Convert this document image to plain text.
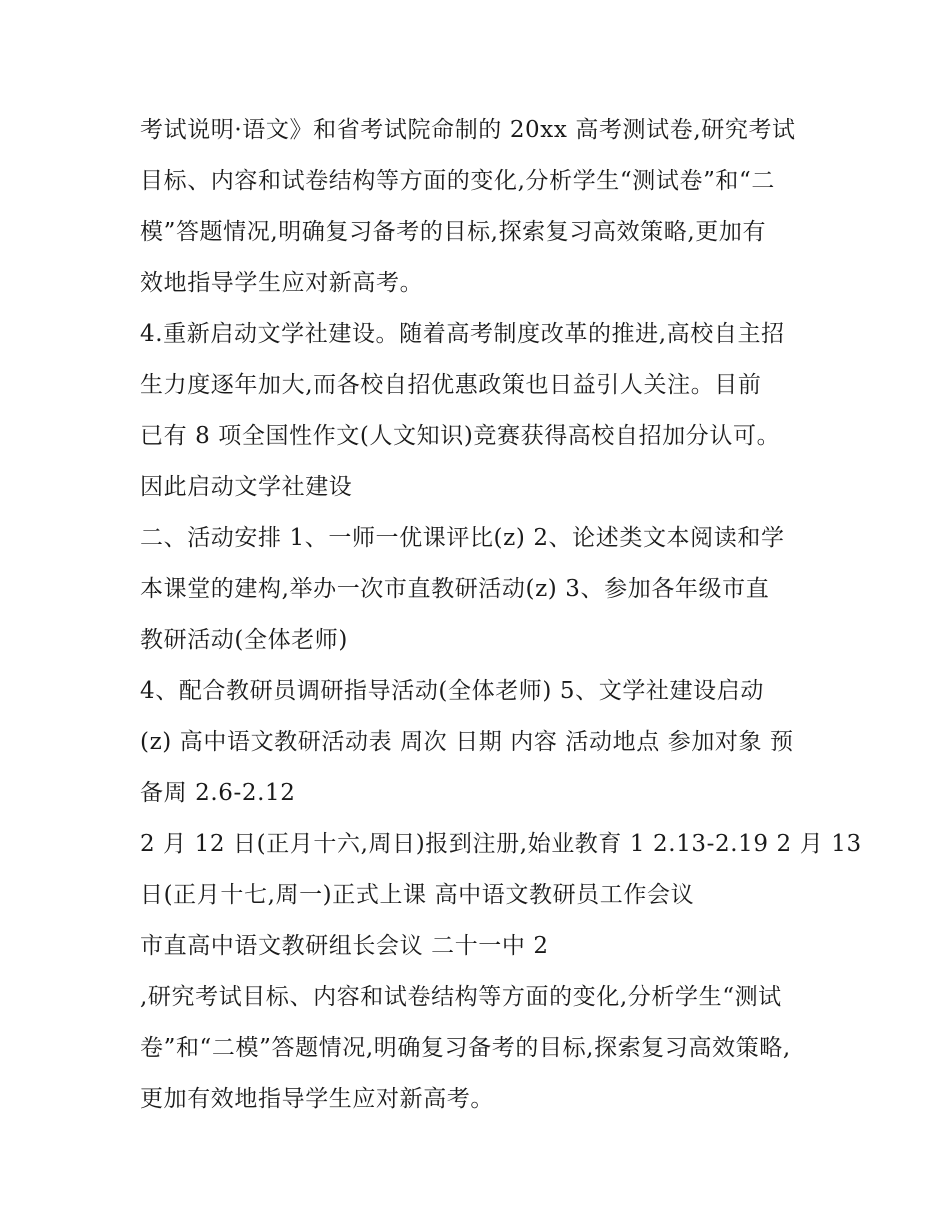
考试说明·语文》和省考试院命制的 20xx 高考测试卷,研究考试
目标、内容和试卷结构等方面的变化,分析学生“测试卷”和“二
模”答题情况,明确复习备考的目标,探索复习高效策略,更加有
效地指导学生应对新高考。
4.重新启动文学社建设。随着高考制度改革的推进,高校自主招
生力度逐年加大,而各校自招优惠政策也日益引人关注。目前
已有 8 项全国性作文(人文知识)竞赛获得高校自招加分认可。
因此启动文学社建设
二、活动安排 1、一师一优课评比(z) 2、论述类文本阅读和学
本课堂的建构,举办一次市直教研活动(z) 3、参加各年级市直
教研活动(全体老师)
4、配合教研员调研指导活动(全体老师) 5、文学社建设启动
(z) 高中语文教研活动表 周次 日期 内容 活动地点 参加对象 预
备周 2.6-2.12
2 月 12 日(正月十六,周日)报到注册,始业教育 1 2.13-2.19 2 月 13
日(正月十七,周一)正式上课 高中语文教研员工作会议
市直高中语文教研组长会议 二十一中 2
,研究考试目标、内容和试卷结构等方面的变化,分析学生“测试
卷”和“二模”答题情况,明确复习备考的目标,探索复习高效策略,
更加有效地指导学生应对新高考。
